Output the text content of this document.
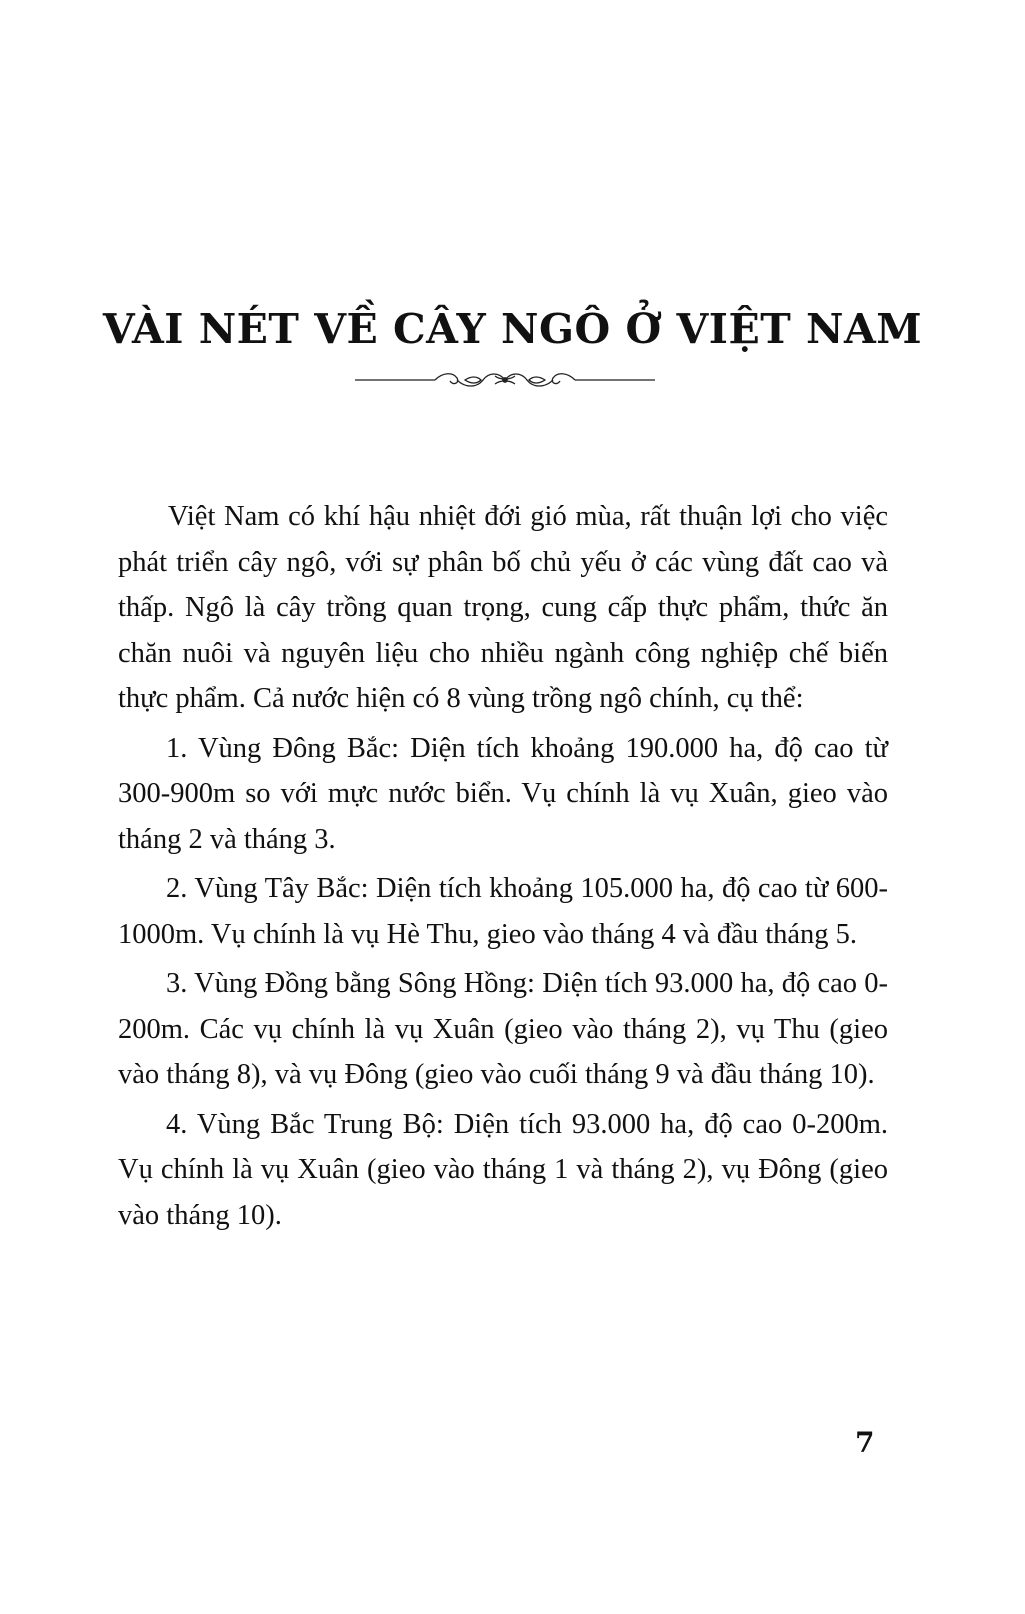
VÀI NÉT VỀ CÂY NGÔ Ở VIỆT NAM

Việt Nam có khí hậu nhiệt đới gió mùa, rất thuận lợi cho việc phát triển cây ngô, với sự phân bố chủ yếu ở các vùng đất cao và thấp. Ngô là cây trồng quan trọng, cung cấp thực phẩm, thức ăn chăn nuôi và nguyên liệu cho nhiều ngành công nghiệp chế biến thực phẩm. Cả nước hiện có 8 vùng trồng ngô chính, cụ thể:

1. Vùng Đông Bắc: Diện tích khoảng 190.000 ha, độ cao từ 300-900m so với mực nước biển. Vụ chính là vụ Xuân, gieo vào tháng 2 và tháng 3.

2. Vùng Tây Bắc: Diện tích khoảng 105.000 ha, độ cao từ 600-1000m. Vụ chính là vụ Hè Thu, gieo vào tháng 4 và đầu tháng 5.

3. Vùng Đồng bằng Sông Hồng: Diện tích 93.000 ha, độ cao 0-200m. Các vụ chính là vụ Xuân (gieo vào tháng 2), vụ Thu (gieo vào tháng 8), và vụ Đông (gieo vào cuối tháng 9 và đầu tháng 10).

4. Vùng Bắc Trung Bộ: Diện tích 93.000 ha, độ cao 0-200m. Vụ chính là vụ Xuân (gieo vào tháng 1 và tháng 2), vụ Đông (gieo vào tháng 10).

7
